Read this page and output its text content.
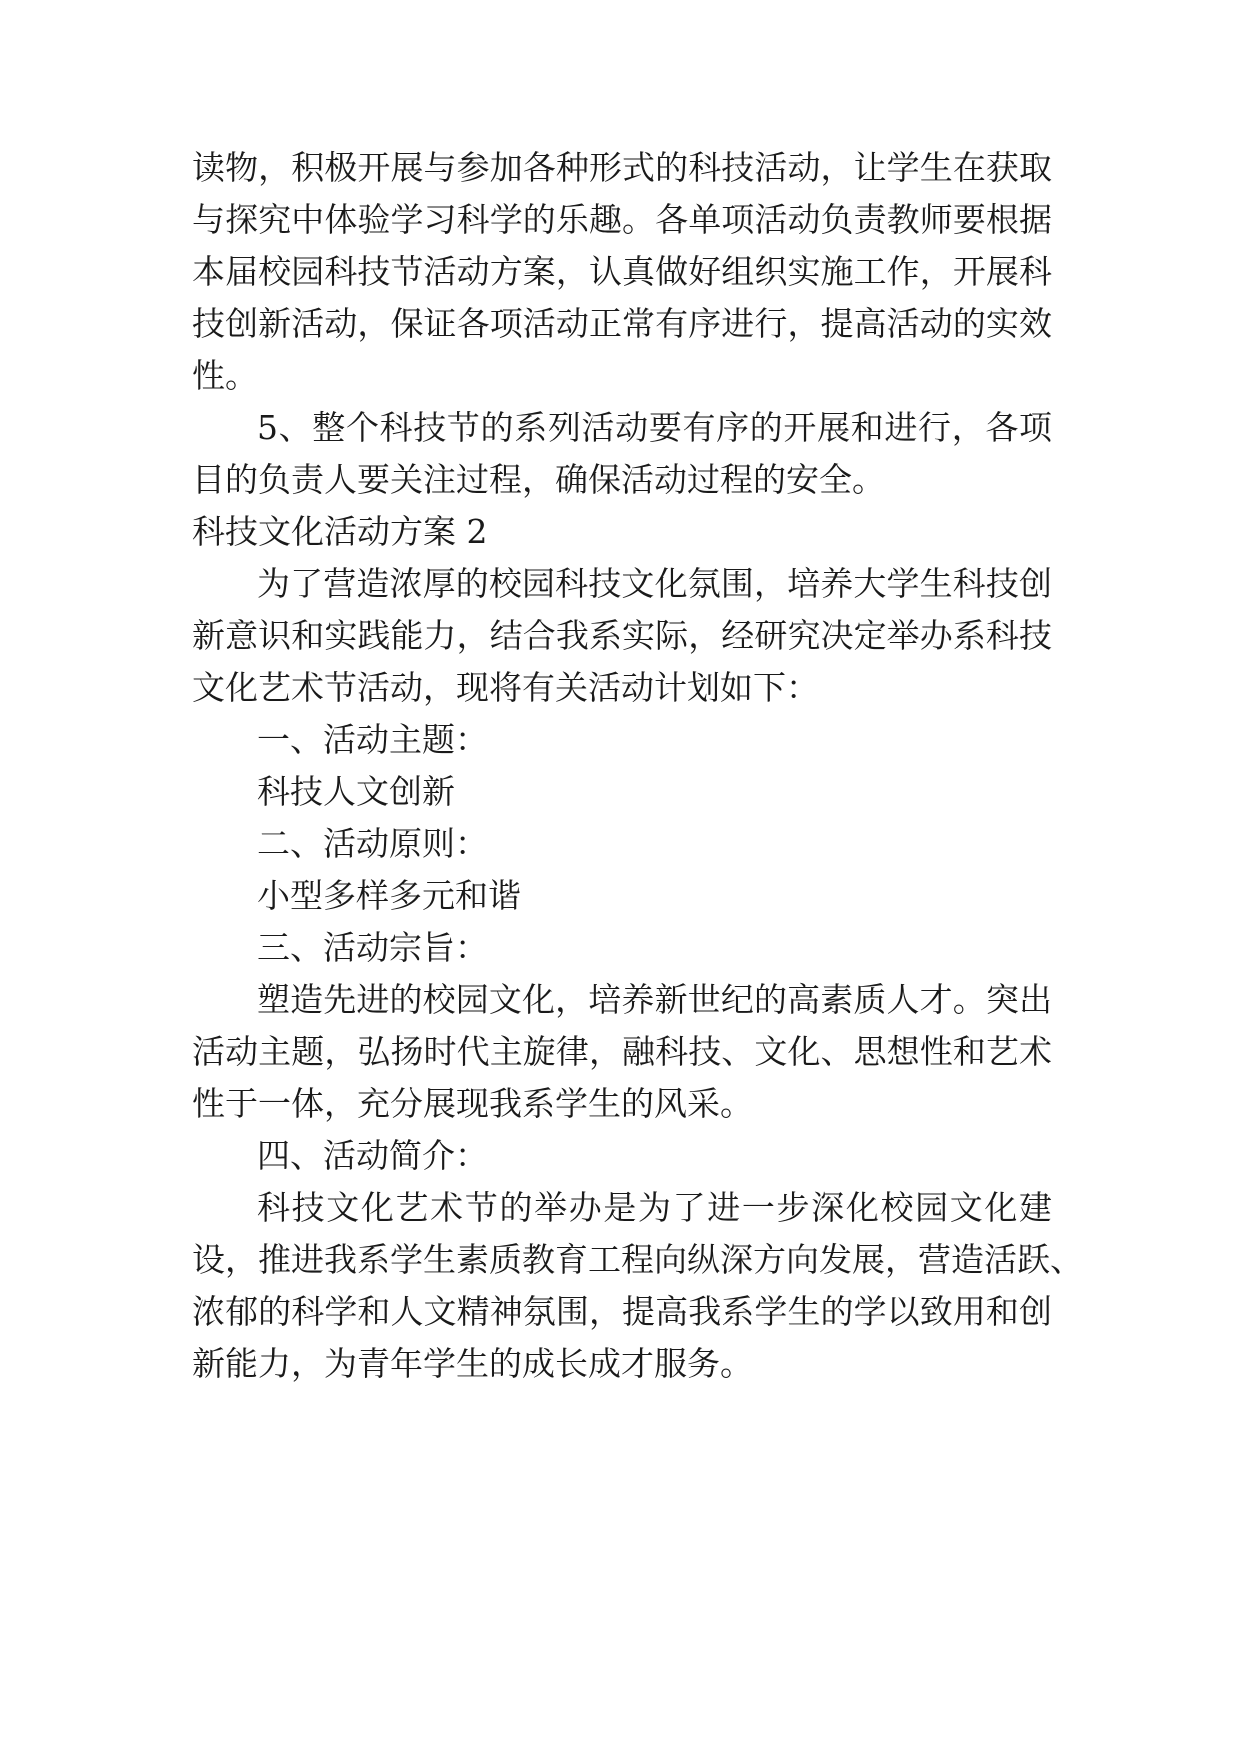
读物，积极开展与参加各种形式的科技活动，让学生在获取
与探究中体验学习科学的乐趣。各单项活动负责教师要根据
本届校园科技节活动方案，认真做好组织实施工作，开展科
技创新活动，保证各项活动正常有序进行，提高活动的实效
性。
5、整个科技节的系列活动要有序的开展和进行，各项
目的负责人要关注过程，确保活动过程的安全。
科技文化活动方案 2
为了营造浓厚的校园科技文化氛围，培养大学生科技创
新意识和实践能力，结合我系实际，经研究决定举办系科技
文化艺术节活动，现将有关活动计划如下：
一、活动主题：
科技人文创新
二、活动原则：
小型多样多元和谐
三、活动宗旨：
塑造先进的校园文化，培养新世纪的高素质人才。突出
活动主题，弘扬时代主旋律，融科技、文化、思想性和艺术
性于一体，充分展现我系学生的风采。
四、活动简介：
科技文化艺术节的举办是为了进一步深化校园文化建
设，推进我系学生素质教育工程向纵深方向发展，营造活跃、
浓郁的科学和人文精神氛围，提高我系学生的学以致用和创
新能力，为青年学生的成长成才服务。
